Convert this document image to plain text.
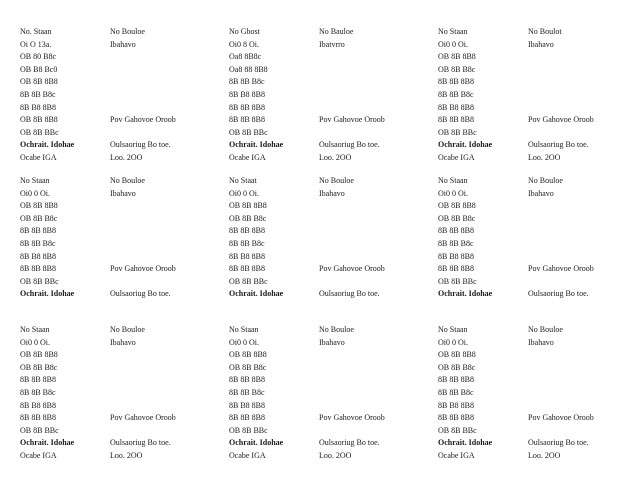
No. Staan
Oi O 13a.
OB 80 B8c
OB B8 Bc0
OB 8B 8B8
8B 8B B8c
8B B8 8B8
OB 8B 8B8
OB 8B BBc
Ochrait. Idohae
Ocabe IGA
No Bouloe
Ibahavo
Pov Gahovoe Oroob
Oulsaoriug Bo toe.
Loo. 2OO
No Gbost
Oi0 8 Oi.
Oa8 8B8c
Oa8 88 8B8
8B 8B B8c
8B B8 8B8
8B 8B 8B8
8B 8B 8B8
OB 8B BBc
Ochrait. Idohae
Ocabe IGA
No Bauloe
Ibatvrro
Pov Gahovoe Oroob
Oulsaoriug Bo toe.
Loo. 2OO
No Staan
Oi0 0 Oi.
OB 8B 8B8
OB 8B B8c
8B 8B 8B8
8B 8B B8c
8B B8 8B8
8B 8B 8B8
OB 8B BBc
Ochrait. Idohae
Ocabe IGA
No Boulot
Ibahavo
Pov Gahovoe Oroob
Oulsaoriug Bo toe.
Loo. 2OO
No Staan
Oi0 0 Oi.
OB 8B 8B8
OB 8B B8c
8B 8B 8B8
8B 8B B8c
8B B8 8B8
8B 8B 8B8
OB 8B BBc
Ochrait. Idohae
No Bouloe
Ibahavo
Pov Gahovoe Oroob
Oulsaoriug Bo toe.
No Staat
Oi0 0 Oi.
OB 8B 8B8
OB 8B B8c
8B 8B 8B8
8B 8B B8c
8B B8 8B8
8B 8B 8B8
OB 8B BBc
Ochrait. Idohae
No Bouloe
Ibahavo
Pov Gahovoe Oroob
Oulsaoriug Bo toe.
No Staan
Oi0 0 Oi.
OB 8B 8B8
OB 8B B8c
8B 8B 8B8
8B 8B B8c
8B B8 8B8
8B 8B 8B8
OB 8B BBc
Ochrait. Idohae
No Bouloe
Ibahavo
Pov Gahovoe Oroob
Oulsaoriug Bo toe.
No Staan
Oi0 0 Oi.
OB 8B 8B8
OB 8B B8c
8B 8B 8B8
8B 8B B8c
8B B8 8B8
8B 8B 8B8
OB 8B BBc
Ochrait. Idohae
Ocabe IGA
No Bouloe
Ibahavo
Pov Gahovoe Oroob
Oulsaoriug Bo toe.
Loo. 2OO
No Staan
Oi0 0 Oi.
OB 8B 8B8
OB 8B B8c
8B 8B 8B8
8B 8B B8c
8B B8 8B8
8B 8B 8B8
OB 8B BBc
Ochrait. Idohae
Ocabe IGA
No Bouloe
Ibahavo
Pov Gahovoe Oroob
Oulsaoriug Bo toe.
Loo. 2OO
No Staan
Oi0 0 Oi.
OB 8B 8B8
OB 8B B8c
8B 8B 8B8
8B 8B B8c
8B B8 8B8
8B 8B 8B8
OB 8B BBc
Ochrait. Idohae
Ocabe IGA
No Bouloe
Ibahavo
Pov Gahovoe Oroob
Oulsaoriug Bo toe.
Loo. 2OO
